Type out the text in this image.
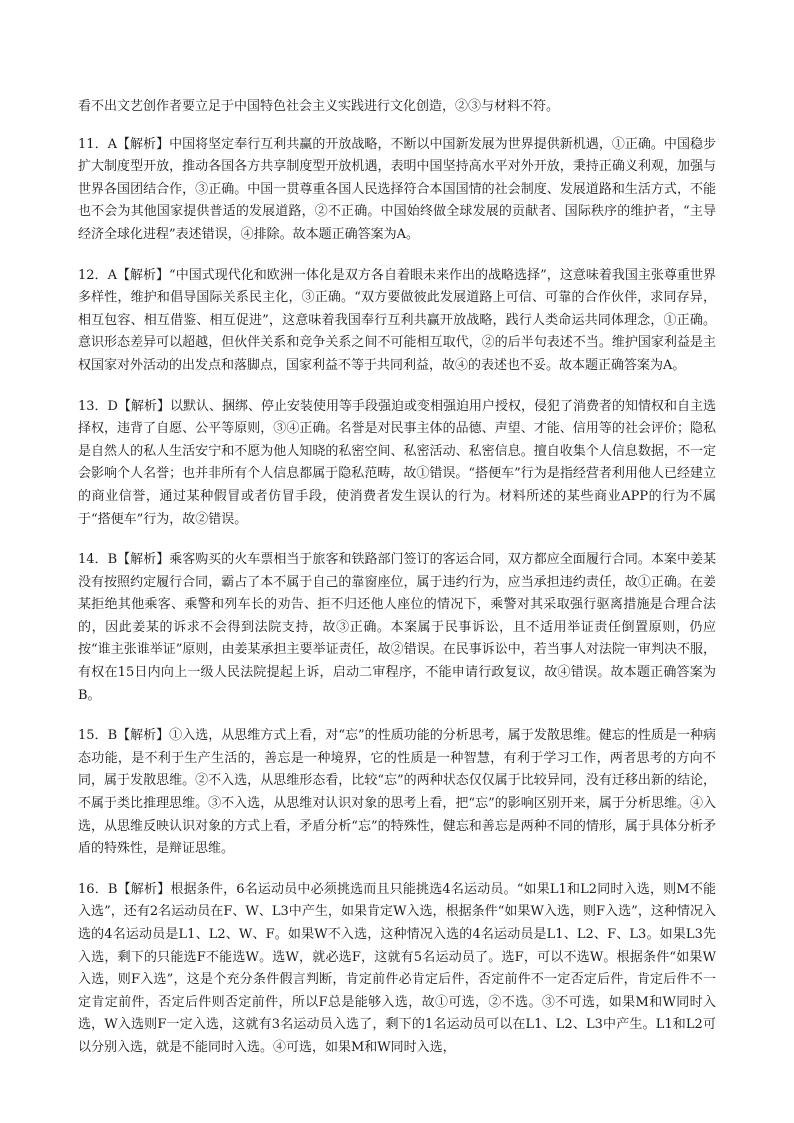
看不出文艺创作者要立足于中国特色社会主义实践进行文化创造，②③与材料不符。

11．A【解析】中国将坚定奉行互利共赢的开放战略，不断以中国新发展为世界提供新机遇，①正确。中国稳步扩大制度型开放，推动各国各方共享制度型开放机遇，表明中国坚持高水平对外开放，秉持正确义利观，加强与世界各国团结合作，③正确。中国一贯尊重各国人民选择符合本国国情的社会制度、发展道路和生活方式，不能也不会为其他国家提供普适的发展道路，②不正确。中国始终做全球发展的贡献者、国际秩序的维护者，“主导经济全球化进程”表述错误，④排除。故本题正确答案为A。

12．A【解析】“中国式现代化和欧洲一体化是双方各自着眼未来作出的战略选择”，这意味着我国主张尊重世界多样性，维护和倡导国际关系民主化，③正确。“双方要做彼此发展道路上可信、可靠的合作伙伴，求同存异，相互包容、相互借鉴、相互促进”，这意味着我国奉行互利共赢开放战略，践行人类命运共同体理念，①正确。意识形态差异可以超越，但伙伴关系和竞争关系之间不可能相互取代，②的后半句表述不当。维护国家利益是主权国家对外活动的出发点和落脚点，国家利益不等于共同利益，故④的表述也不妥。故本题正确答案为A。

13．D【解析】以默认、捆绑、停止安装使用等手段强迫或变相强迫用户授权，侵犯了消费者的知情权和自主选择权，违背了自愿、公平等原则，③④正确。名誉是对民事主体的品德、声望、才能、信用等的社会评价；隐私是自然人的私人生活安宁和不愿为他人知晓的私密空间、私密活动、私密信息。擅自收集个人信息数据，不一定会影响个人名誉；也并非所有个人信息都属于隐私范畴，故①错误。“搭便车”行为是指经营者利用他人已经建立的商业信誉，通过某种假冒或者仿冒手段，使消费者发生误认的行为。材料所述的某些商业APP的行为不属于“搭便车”行为，故②错误。

14．B【解析】乘客购买的火车票相当于旅客和铁路部门签订的客运合同，双方都应全面履行合同。本案中姜某没有按照约定履行合同，霸占了本不属于自己的靠窗座位，属于违约行为，应当承担违约责任，故①正确。在姜某拒绝其他乘客、乘警和列车长的劝告、拒不归还他人座位的情况下，乘警对其采取强行驱离措施是合理合法的，因此姜某的诉求不会得到法院支持，故③正确。本案属于民事诉讼，且不适用举证责任倒置原则，仍应按“谁主张谁举证”原则，由姜某承担主要举证责任，故②错误。在民事诉讼中，若当事人对法院一审判决不服，有权在15日内向上一级人民法院提起上诉，启动二审程序，不能申请行政复议，故④错误。故本题正确答案为B。

15．B【解析】①入选，从思维方式上看，对“忘”的性质功能的分析思考，属于发散思维。健忘的性质是一种病态功能，是不利于生产生活的，善忘是一种境界，它的性质是一种智慧，有利于学习工作，两者思考的方向不同，属于发散思维。②不入选，从思维形态看，比较“忘”的两种状态仅仅属于比较异同，没有迁移出新的结论，不属于类比推理思维。③不入选，从思维对认识对象的思考上看，把“忘”的影响区别开来，属于分析思维。④入选，从思维反映认识对象的方式上看，矛盾分析“忘”的特殊性，健忘和善忘是两种不同的情形，属于具体分析矛盾的特殊性，是辩证思维。

16．B【解析】根据条件，6名运动员中必须挑选而且只能挑选4名运动员。“如果L1和L2同时入选，则M不能入选”，还有2名运动员在F、W、L3中产生，如果肯定W入选，根据条件“如果W入选，则F入选”，这种情况入选的4名运动员是L1、L2、W、F。如果W不入选，这种情况入选的4名运动员是L1、L2、F、L3。如果L3先入选，剩下的只能选F不能选W。选W，就必选F，这就有5名运动员了。选F，可以不选W。根据条件“如果W入选，则F入选”，这是个充分条件假言判断，肯定前件必肯定后件，否定前件不一定否定后件，肯定后件不一定肯定前件，否定后件则否定前件，所以F总是能够入选，故①可选，②不选。③不可选，如果M和W同时入选，W入选则F一定入选，这就有3名运动员入选了，剩下的1名运动员可以在L1、L2、L3中产生。L1和L2可以分别入选，就是不能同时入选。④可选，如果M和W同时入选，
